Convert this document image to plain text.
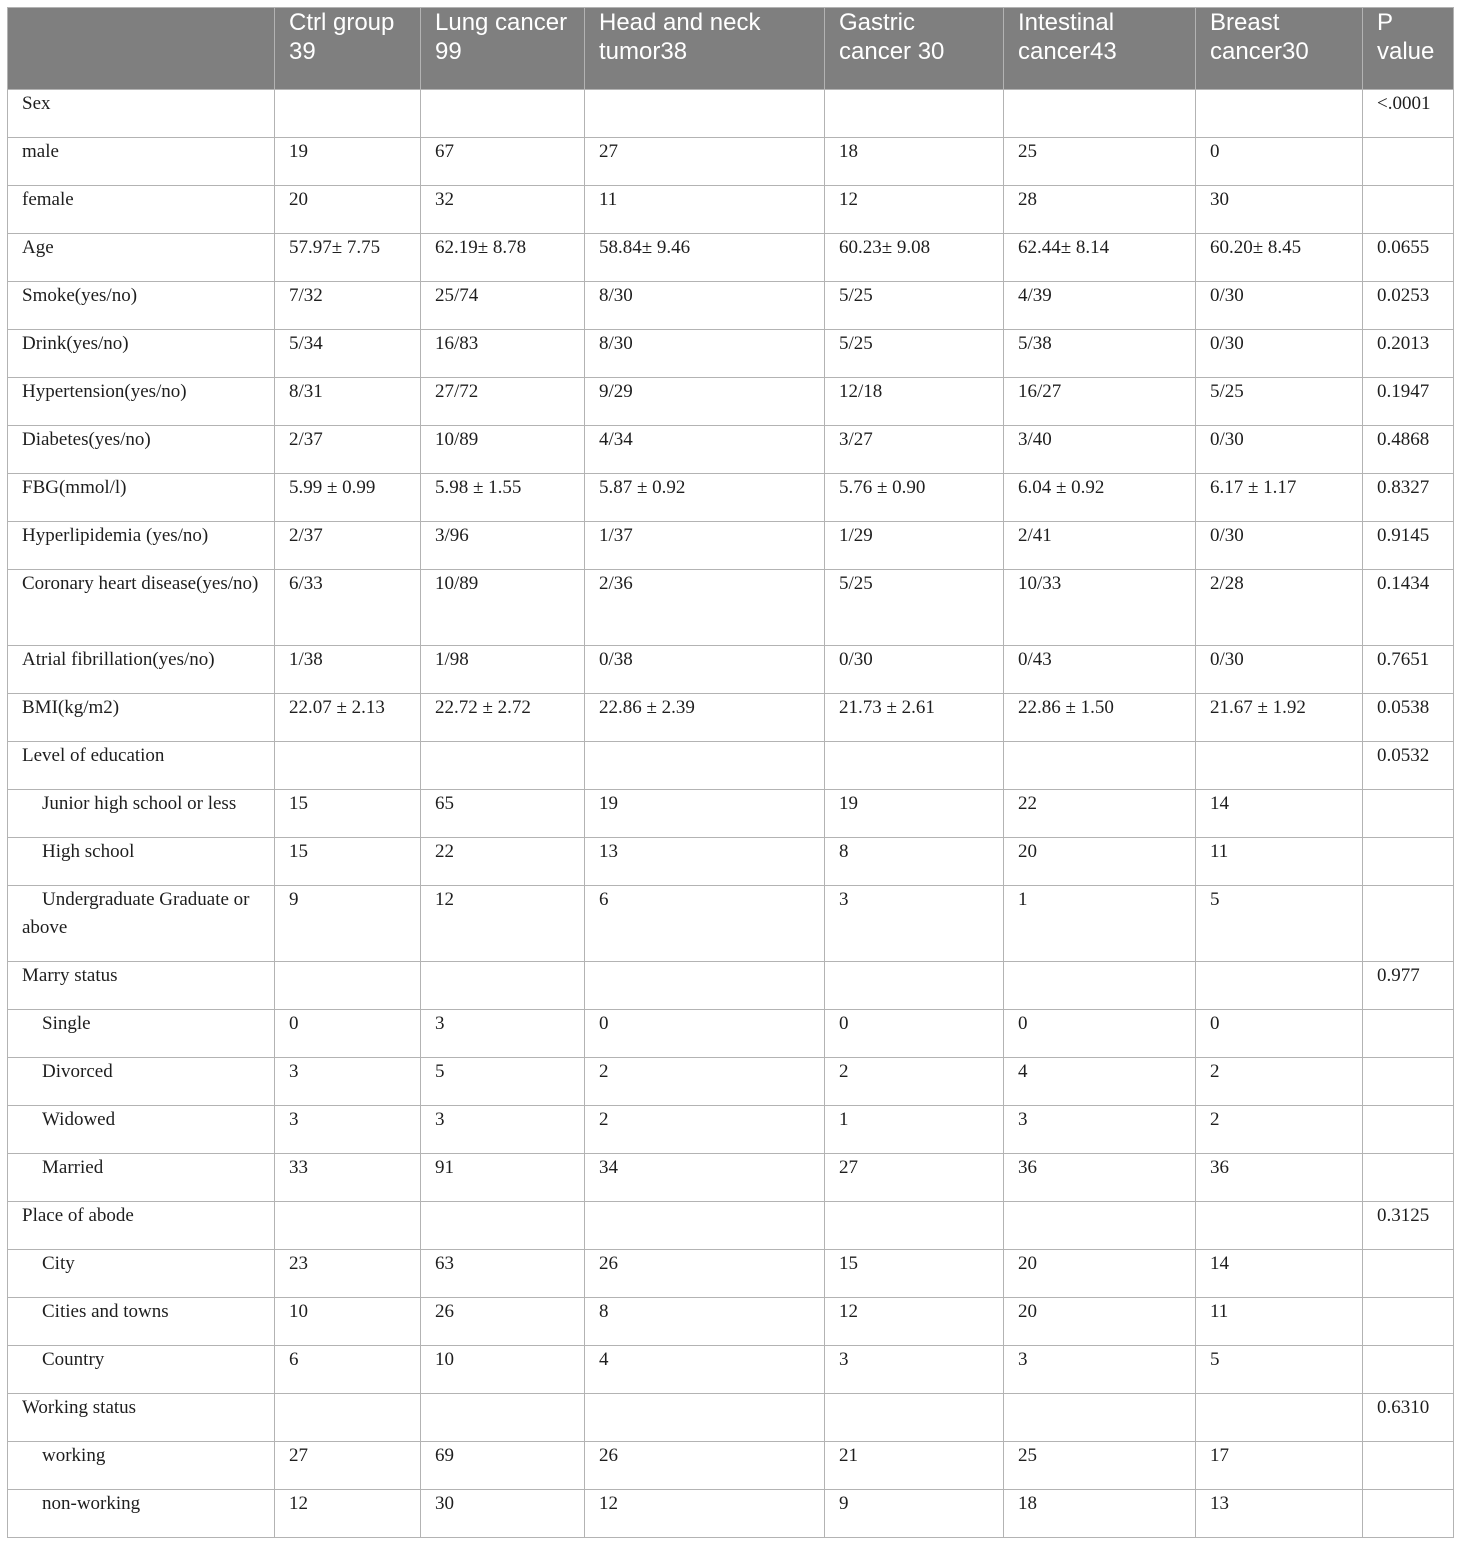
	Ctrl group 39	Lung cancer 99	Head and neck tumor38	Gastric cancer 30	Intestinal cancer43	Breast cancer30	P value
Sex							<.0001
male	19	67	27	18	25	0	
female	20	32	11	12	28	30	
Age	57.97± 7.75	62.19± 8.78	58.84± 9.46	60.23± 9.08	62.44± 8.14	60.20± 8.45	0.0655
Smoke(yes/no)	7/32	25/74	8/30	5/25	4/39	0/30	0.0253
Drink(yes/no)	5/34	16/83	8/30	5/25	5/38	0/30	0.2013
Hypertension(yes/no)	8/31	27/72	9/29	12/18	16/27	5/25	0.1947
Diabetes(yes/no)	2/37	10/89	4/34	3/27	3/40	0/30	0.4868
FBG(mmol/l)	5.99 ± 0.99	5.98 ± 1.55	5.87 ± 0.92	5.76 ± 0.90	6.04 ± 0.92	6.17 ± 1.17	0.8327
Hyperlipidemia (yes/no)	2/37	3/96	1/37	1/29	2/41	0/30	0.9145
Coronary heart disease(yes/no)	6/33	10/89	2/36	5/25	10/33	2/28	0.1434
Atrial fibrillation(yes/no)	1/38	1/98	0/38	0/30	0/43	0/30	0.7651
BMI(kg/m2)	22.07 ± 2.13	22.72 ± 2.72	22.86 ± 2.39	21.73 ± 2.61	22.86 ± 1.50	21.67 ± 1.92	0.0538
Level of education							0.0532
Junior high school or less	15	65	19	19	22	14	
High school	15	22	13	8	20	11	
Undergraduate Graduate or above	9	12	6	3	1	5	
Marry status							0.977
Single	0	3	0	0	0	0	
Divorced	3	5	2	2	4	2	
Widowed	3	3	2	1	3	2	
Married	33	91	34	27	36	36	
Place of abode							0.3125
City	23	63	26	15	20	14	
Cities and towns	10	26	8	12	20	11	
Country	6	10	4	3	3	5	
Working status							0.6310
working	27	69	26	21	25	17	
non-working	12	30	12	9	18	13	
